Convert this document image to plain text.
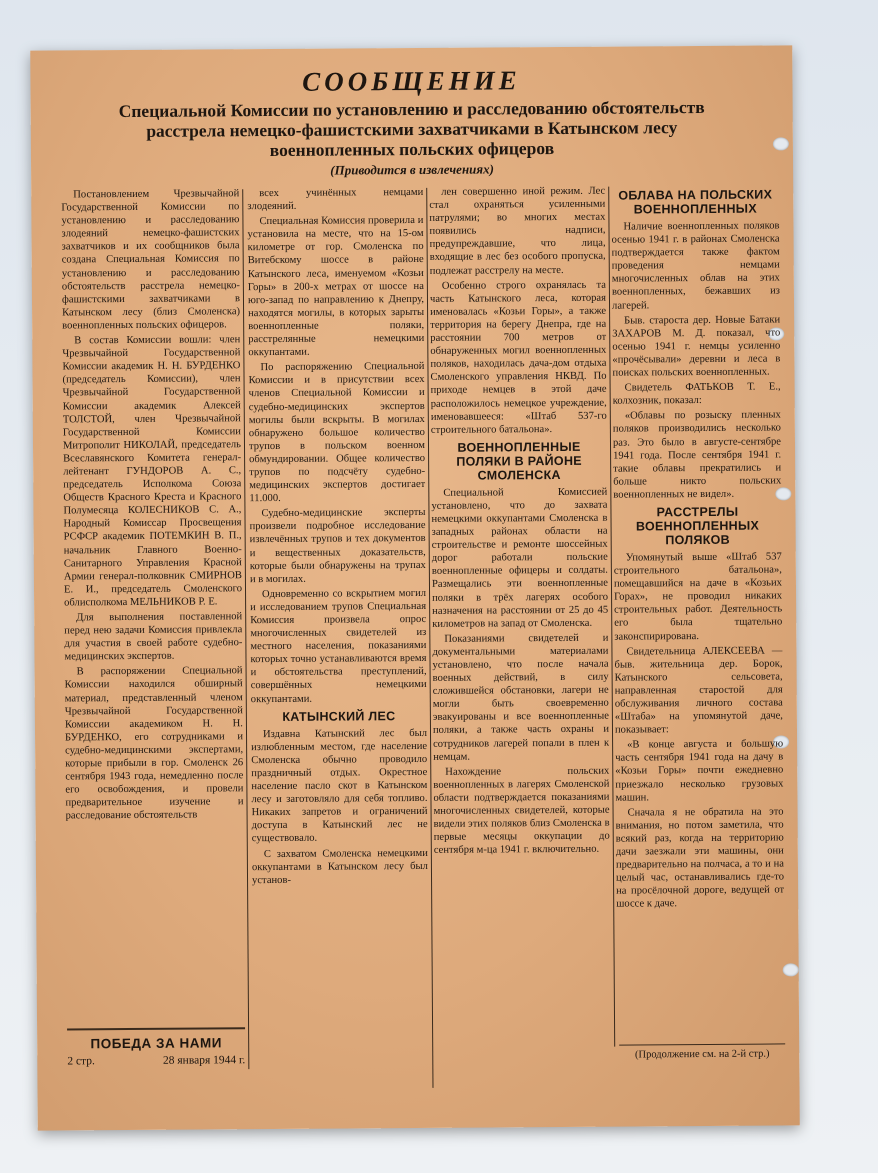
СООБЩЕНИЕ
Специальной Комиссии по установлению и расследованию обстоятельств расстрела немецко-фашистскими захватчиками в Катынском лесу военнопленных польских офицеров
(Приводится в извлечениях)

Постановлением Чрезвычайной Государственной Комиссии по установлению и расследованию злодеяний немецко-фашистских захватчиков и их сообщников была создана Специальная Комиссия по установлению и расследованию обстоятельств расстрела немецко-фашистскими захватчиками в Катынском лесу (близ Смоленска) военнопленных польских офицеров.

В состав Комиссии вошли: член Чрезвычайной Государственной Комиссии академик Н. Н. БУРДЕНКО (председатель Комиссии), член Чрезвычайной Государственной Комиссии академик Алексей ТОЛСТОЙ, член Чрезвычайной Государственной Комиссии Митрополит НИКОЛАЙ, председатель Всеславянского Комитета генерал-лейтенант ГУНДОРОВ А. С., председатель Исполкома Союза Обществ Красного Креста и Красного Полумесяца КОЛЕСНИКОВ С. А., Народный Комиссар Просвещения РСФСР академик ПОТЕМКИН В. П., начальник Главного Военно-Санитарного Управления Красной Армии генерал-полковник СМИРНОВ Е. И., председатель Смоленского облисполкома МЕЛЬНИКОВ Р. Е.

Для выполнения поставленной перед нею задачи Комиссия привлекла для участия в своей работе судебно-медицинских экспертов.

В распоряжении Специальной Комиссии находился обширный материал, представленный членом Чрезвычайной Государственной Комиссии академиком Н. Н. БУРДЕНКО, его сотрудниками и судебно-медицинскими экспертами, которые прибыли в гор. Смоленск 26 сентября 1943 года, немедленно после его освобождения, и провели предварительное изучение и расследование обстоятельств

всех учинённых немцами злодеяний.

Специальная Комиссия проверила и установила на месте, что на 15-ом километре от гор. Смоленска по Витебскому шоссе в районе Катынского леса, именуемом «Козьи Горы» в 200-х метрах от шоссе на юго-запад по направлению к Днепру, находятся могилы, в которых зарыты военнопленные поляки, расстрелянные немецкими оккупантами.

По распоряжению Специальной Комиссии и в присутствии всех членов Специальной Комиссии и судебно-медицинских экспертов могилы были вскрыты. В могилах обнаружено большое количество трупов в польском военном обмундировании. Общее количество трупов по подсчёту судебно-медицинских экспертов достигает 11.000.

Судебно-медицинские эксперты произвели подробное исследование извлечённых трупов и тех документов и вещественных доказательств, которые были обнаружены на трупах и в могилах.

Одновременно со вскрытием могил и исследованием трупов Специальная Комиссия произвела опрос многочисленных свидетелей из местного населения, показаниями которых точно устанавливаются время и обстоятельства преступлений, совершённых немецкими оккупантами.

КАТЫНСКИЙ ЛЕС

Издавна Катынский лес был излюбленным местом, где население Смоленска обычно проводило праздничный отдых. Окрестное население пасло скот в Катынском лесу и заготовляло для себя топливо. Никаких запретов и ограничений доступа в Катынский лес не существовало.

С захватом Смоленска немецкими оккупантами в Катынском лесу был установ-

лен совершенно иной режим. Лес стал охраняться усиленными патрулями; во многих местах появились надписи, предупреждавшие, что лица, входящие в лес без особого пропуска, подлежат расстрелу на месте.

Особенно строго охранялась та часть Катынского леса, которая именовалась «Козьи Горы», а также территория на берегу Днепра, где на расстоянии 700 метров от обнаруженных могил военнопленных поляков, находилась дача-дом отдыха Смоленского управления НКВД. По приходе немцев в этой даче расположилось немецкое учреждение, именовавшееся: «Штаб 537-го строительного батальона».

ВОЕННОПЛЕННЫЕ ПОЛЯКИ В РАЙОНЕ СМОЛЕНСКА

Специальной Комиссией установлено, что до захвата немецкими оккупантами Смоленска в западных районах области на строительстве и ремонте шоссейных дорог работали польские военнопленные офицеры и солдаты. Размещались эти военнопленные поляки в трёх лагерях особого назначения на расстоянии от 25 до 45 километров на запад от Смоленска.

Показаниями свидетелей и документальными материалами установлено, что после начала военных действий, в силу сложившейся обстановки, лагери не могли быть своевременно эвакуированы и все военнопленные поляки, а также часть охраны и сотрудников лагерей попали в плен к немцам.

Нахождение польских военнопленных в лагерях Смоленской области подтверждается показаниями многочисленных свидетелей, которые видели этих поляков близ Смоленска в первые месяцы оккупации до сентября м-ца 1941 г. включительно.

ОБЛАВА НА ПОЛЬСКИХ ВОЕННОПЛЕННЫХ

Наличие военнопленных поляков осенью 1941 г. в районах Смоленска подтверждается также фактом проведения немцами многочисленных облав на этих военнопленных, бежавших из лагерей.

Быв. староста дер. Новые Батаки ЗАХАРОВ М. Д. показал, что осенью 1941 г. немцы усиленно «прочёсывали» деревни и леса в поисках польских военнопленных.

Свидетель ФАТЬКОВ Т. Е., колхозник, показал:

«Облавы по розыску пленных поляков производились несколько раз. Это было в августе-сентябре 1941 года. После сентября 1941 г. такие облавы прекратились и больше никто польских военнопленных не видел».

РАССТРЕЛЫ ВОЕННОПЛЕННЫХ ПОЛЯКОВ

Упомянутый выше «Штаб 537 строительного батальона», помещавшийся на даче в «Козьих Горах», не проводил никаких строительных работ. Деятельность его была тщательно законспирирована.

Свидетельница АЛЕКСЕЕВА — быв. жительница дер. Борок, Катынского сельсовета, направленная старостой для обслуживания личного состава «Штаба» на упомянутой даче, показывает:

«В конце августа и большую часть сентября 1941 года на дачу в «Козьи Горы» почти ежедневно приезжало несколько грузовых машин.

Сначала я не обратила на это внимания, но потом заметила, что всякий раз, когда на территорию дачи заезжали эти машины, они предварительно на полчаса, а то и на целый час, останавливались где-то на просёлочной дороге, ведущей от шоссе к даче.

ПОБЕДА ЗА НАМИ
2 стр.	28 января 1944 г.	(Продолжение см. на 2-й стр.)
